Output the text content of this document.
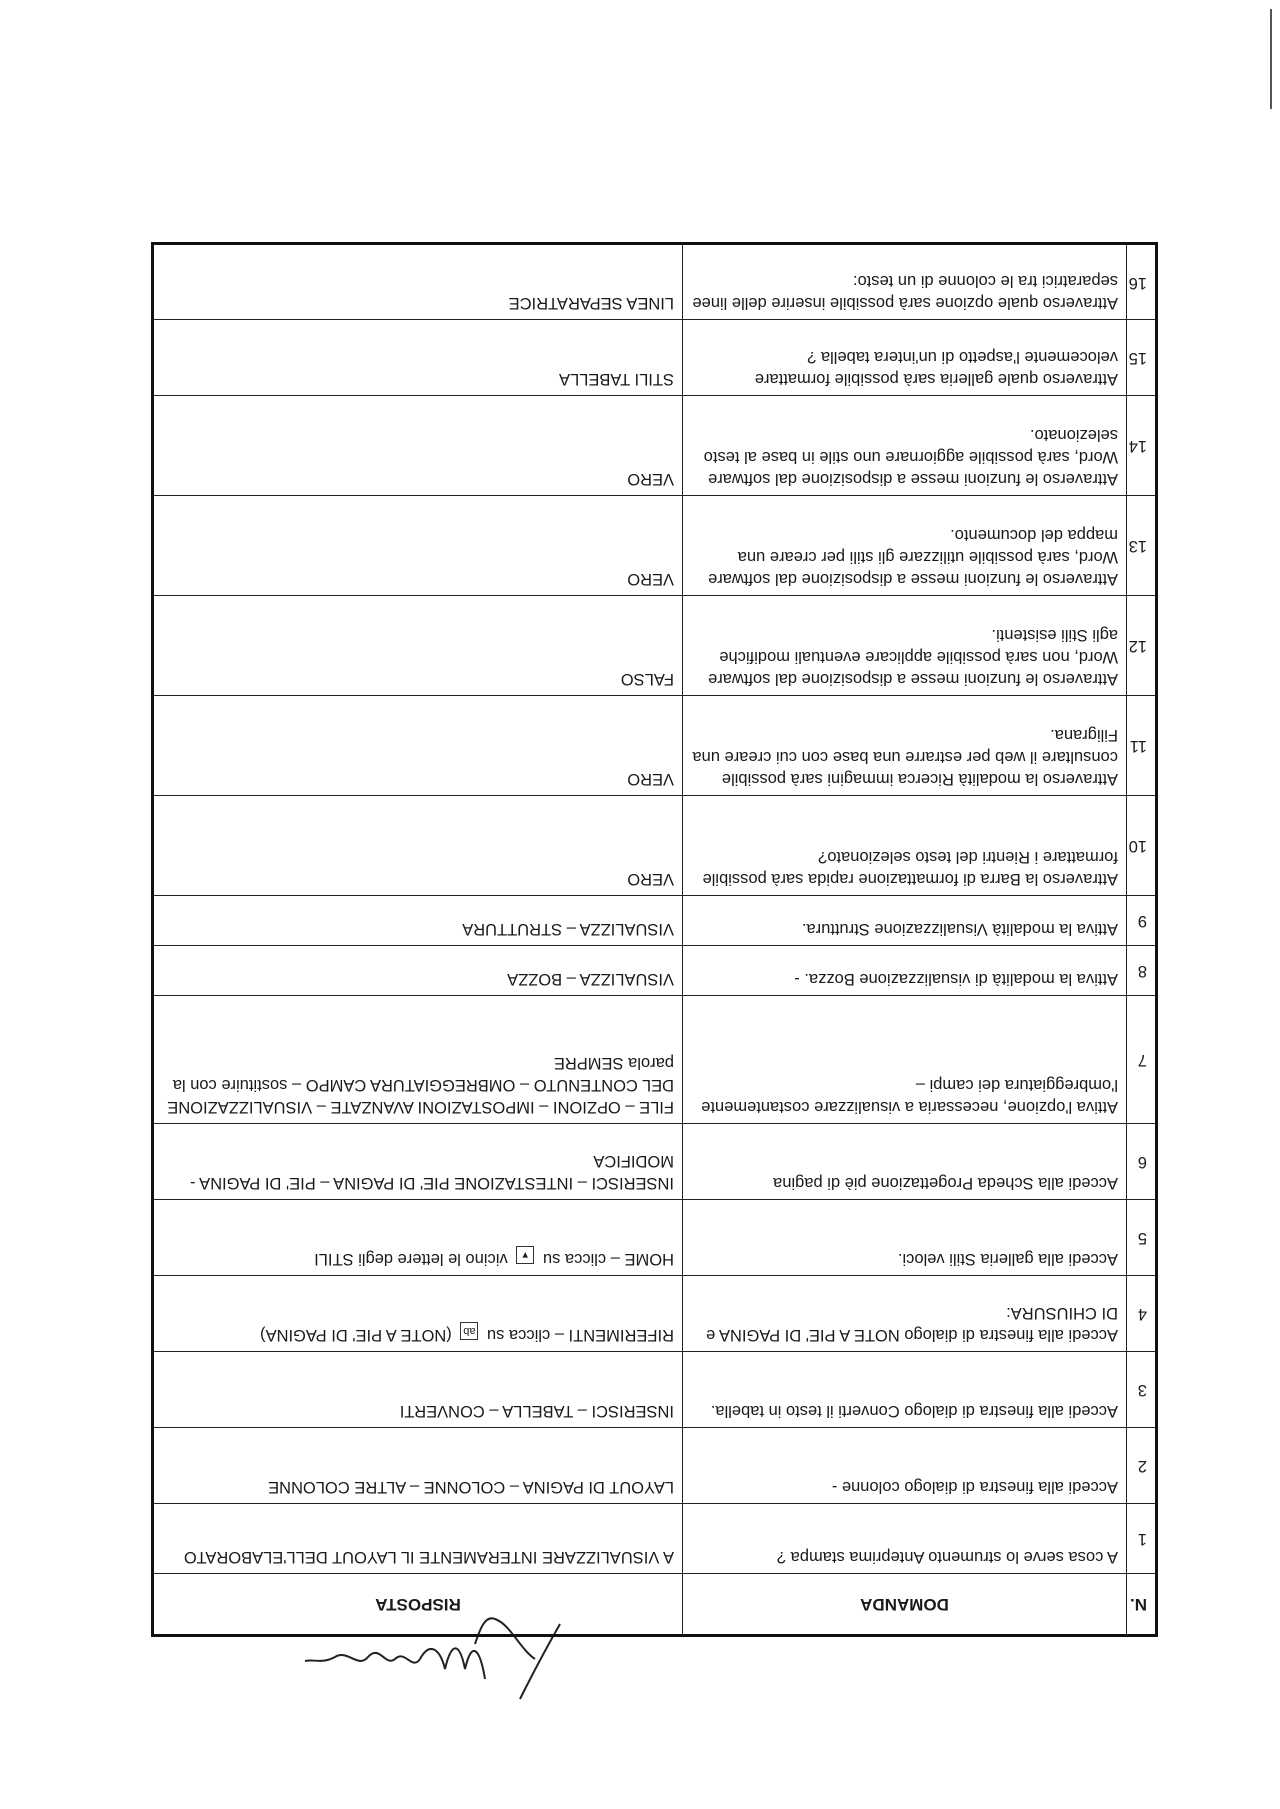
N.	DOMANDA	RISPOSTA
1	A cosa serve lo strumento Anteprima stampa ?	A VISUALIZZARE INTERAMENTE IL LAYOUT DELL'ELABORATO
2	Accedi alla finestra di dialogo colonne -	LAYOUT DI PAGINA – COLONNE – ALTRE COLONNE
3	Accedi alla finestra di dialogo Converti il testo in tabella.	INSERISCI – TABELLA – CONVERTI
4	Accedi alla finestra di dialogo NOTE A PIE' DI PAGINA e DI CHIUSURA:	RIFERIMENTI – clicca su ab (NOTE A PIE' DI PAGINA)
5	Accedi alla galleria Stili veloci.	HOME – clicca su ▾ vicino le lettere degli STILI
6	Accedi alla Scheda Progettazione piè di pagina	INSERISCI – INTESTAZIONE PIE' DI PAGINA – PIE' DI PAGINA - MODIFICA
7	Attiva l'opzione, necessaria a visualizzare costantemente l'ombreggiatura dei campi –	FILE – OPZIONI – IMPOSTAZIONI AVANZATE – VISUALIZZAZIONE DEL CONTENUTO – OMBREGGIATURA CAMPO – sostituire con la parola SEMPRE
8	Attiva la modalità di visualizzazione Bozza. -	VISUALIZZA – BOZZA
9	Attiva la modalità Visualizzazione Struttura.	VISUALIZZA – STRUTTURA
10	Attraverso la Barra di formattazione rapida sarà possibile formattare i Rientri del testo selezionato?	VERO
11	Attraverso la modalità Ricerca immagini sarà possibile consultare il web per estrarre una base con cui creare una Filigrana.	VERO
12	Attraverso le funzioni messe a disposizione dal software Word, non sarà possibile applicare eventuali modifiche agli Stili esistenti.	FALSO
13	Attraverso le funzioni messe a disposizione dal software Word, sarà possibile utilizzare gli stili per creare una mappa del documento.	VERO
14	Attraverso le funzioni messe a disposizione dal software Word, sarà possibile aggiornare uno stile in base al testo selezionato.	VERO
15	Attraverso quale galleria sarà possibile formattare velocemente l'aspetto di un'intera tabella ?	STILI TABELLA
16	Attraverso quale opzione sarà possibile inserire delle linee separatrici tra le colonne di un testo:	LINEA SEPARATRICE
